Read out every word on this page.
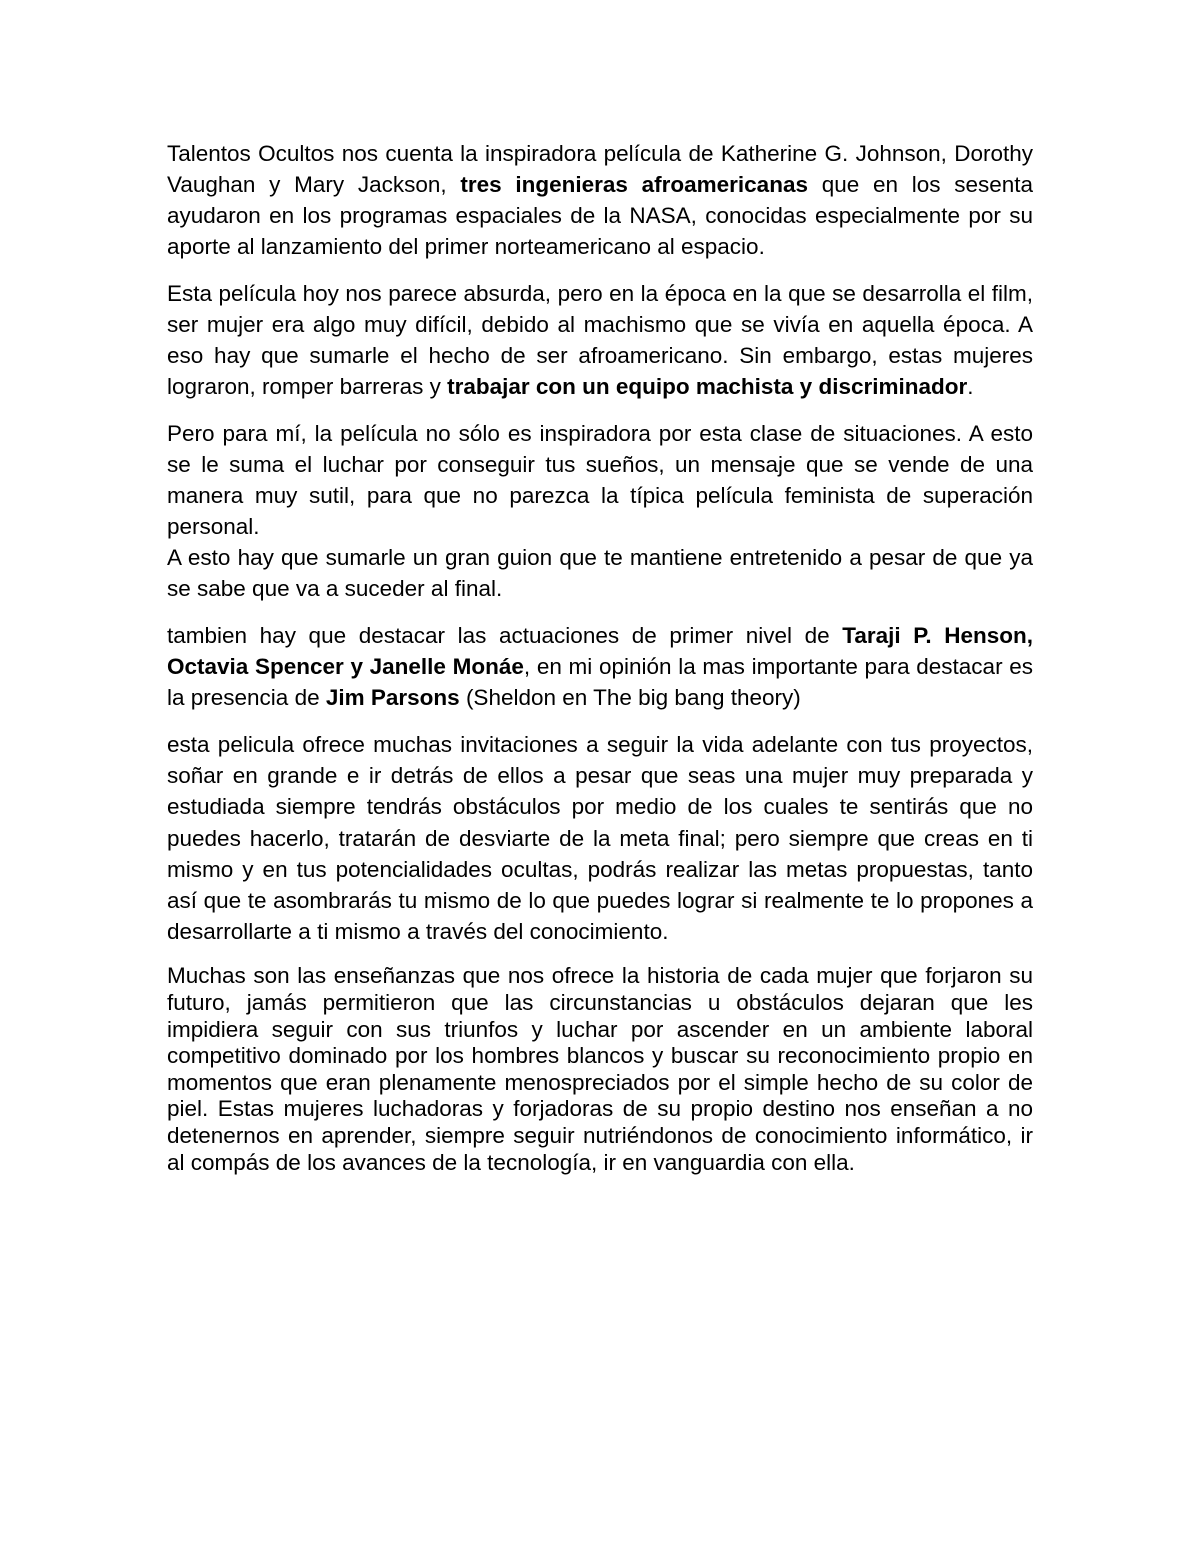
Talentos Ocultos nos cuenta la inspiradora película de Katherine G. Johnson, Dorothy Vaughan y Mary Jackson, tres ingenieras afroamericanas que en los sesenta ayudaron en los programas espaciales de la NASA, conocidas especialmente por su aporte al lanzamiento del primer norteamericano al espacio.

Esta película hoy nos parece absurda, pero en la época en la que se desarrolla el film, ser mujer era algo muy difícil, debido al machismo que se vivía en aquella época. A eso hay que sumarle el hecho de ser afroamericano. Sin embargo, estas mujeres lograron, romper barreras y trabajar con un equipo machista y discriminador.

Pero para mí, la película no sólo es inspiradora por esta clase de situaciones. A esto se le suma el luchar por conseguir tus sueños, un mensaje que se vende de una manera muy sutil, para que no parezca la típica película feminista de superación personal.

A esto hay que sumarle un gran guion que te mantiene entretenido a pesar de que ya se sabe que va a suceder al final.

tambien hay que destacar las actuaciones de primer nivel de Taraji P. Henson, Octavia Spencer y Janelle Monáe, en mi opinión la mas importante para destacar es la presencia de Jim Parsons (Sheldon en The big bang theory)

esta pelicula ofrece muchas invitaciones a seguir la vida adelante con tus proyectos, soñar en grande e ir detrás de ellos a pesar que seas una mujer muy preparada y estudiada siempre tendrás obstáculos por medio de los cuales te sentirás que no puedes hacerlo, tratarán de desviarte de la meta final; pero siempre que creas en ti mismo y en tus potencialidades ocultas, podrás realizar las metas propuestas, tanto así que te asombrarás tu mismo de lo que puedes lograr si realmente te lo propones a desarrollarte a ti mismo a través del conocimiento.

Muchas son las enseñanzas que nos ofrece la historia de cada mujer que forjaron su futuro, jamás permitieron que las circunstancias u obstáculos dejaran que les impidiera seguir con sus triunfos y luchar por ascender en un ambiente laboral competitivo dominado por los hombres blancos y buscar su reconocimiento propio en momentos que eran plenamente menospreciados por el simple hecho de su color de piel. Estas mujeres luchadoras y forjadoras de su propio destino nos enseñan a no detenernos en aprender, siempre seguir nutriéndonos de conocimiento informático, ir al compás de los avances de la tecnología, ir en vanguardia con ella.
